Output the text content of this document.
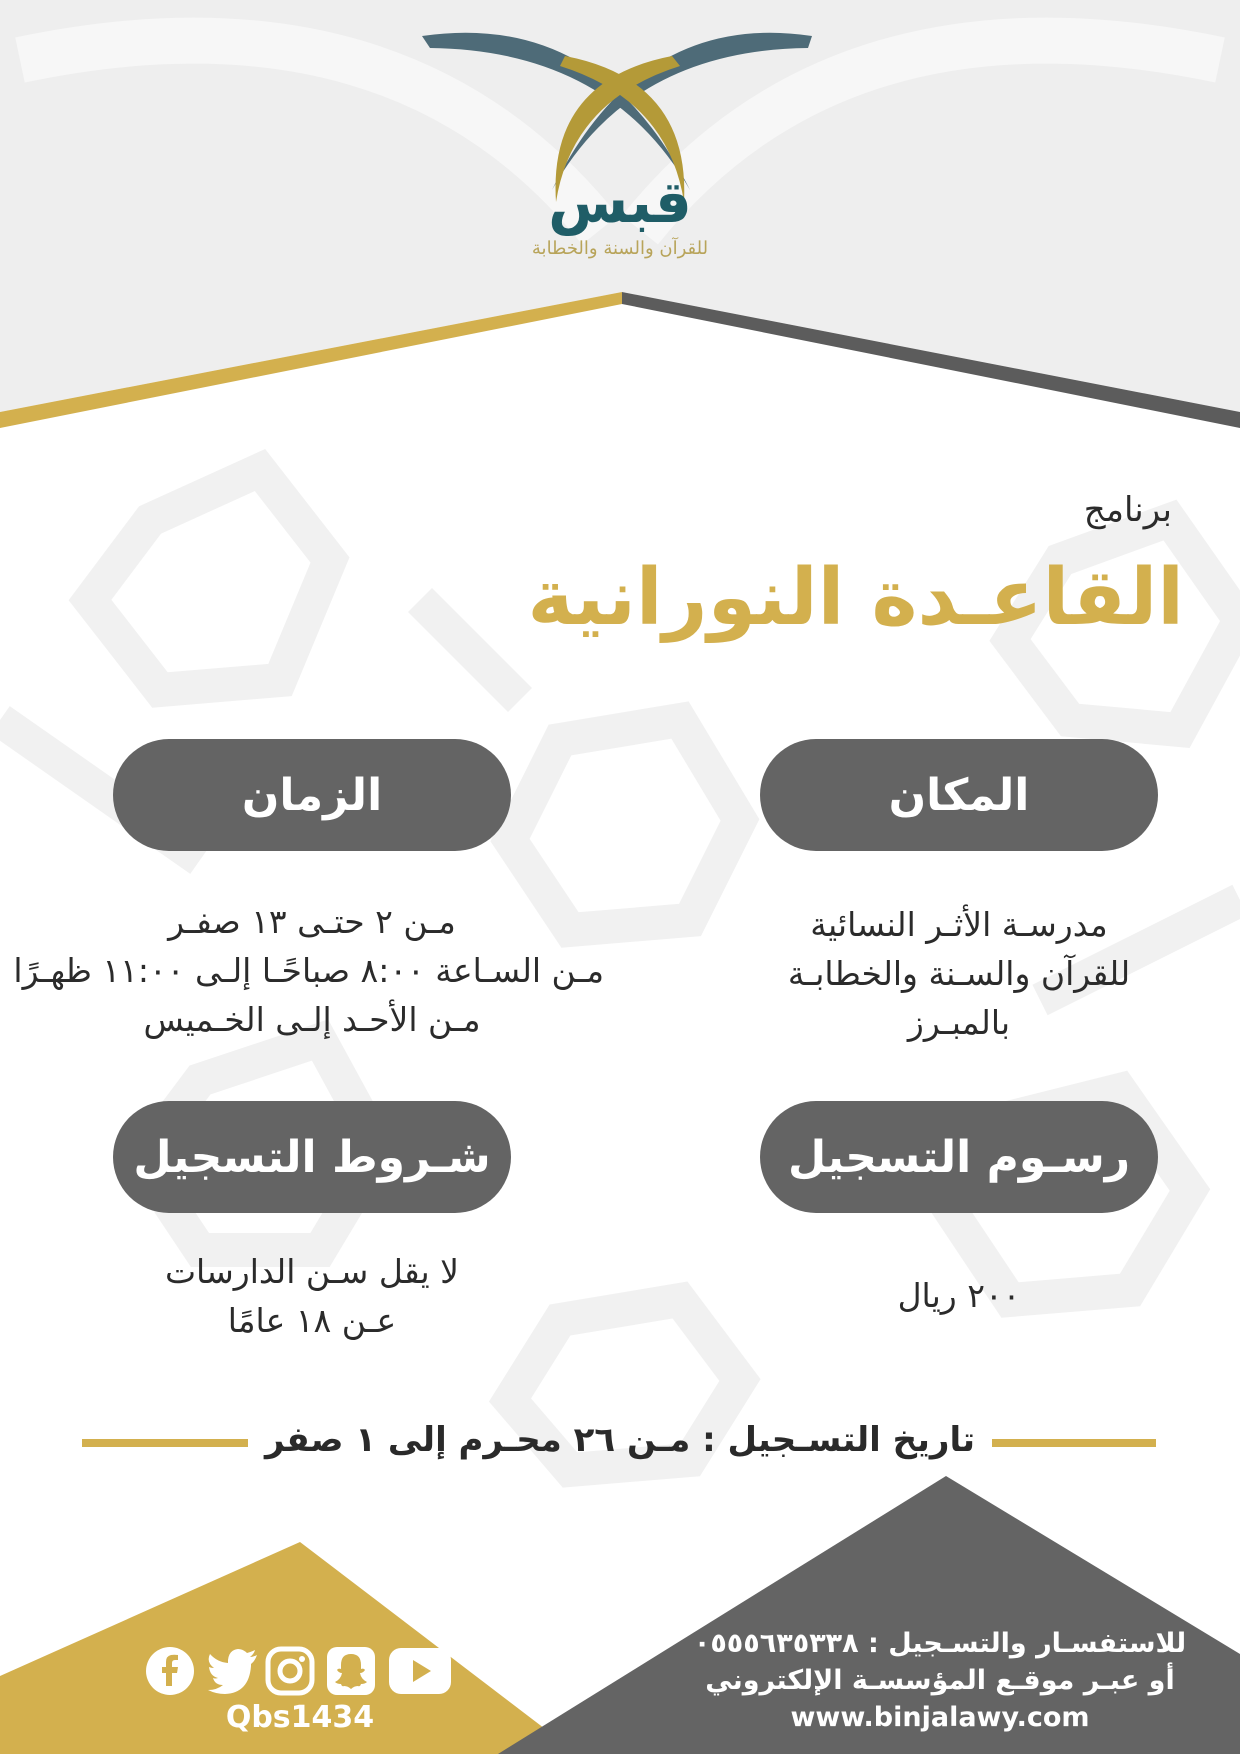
قبس
للقرآن والسنة والخطابة
برنامج
القاعـدة النورانية
المكان
مدرسـة الأثـر النسائية
للقرآن والسـنة والخطابـة
بالمبـرز
الزمان
مـن ٢ حتـى ١٣ صفـر
مـن السـاعة ٨:٠٠ صباحًـا إلـى ١١:٠٠ ظهـرًا
مـن الأحـد إلـى الخـميس
رسـوم التسجيل
٢٠٠ ريال
شـروط التسجيل
لا يقل سـن الدارسات
عـن ١٨ عامًا
تاريخ التسـجيل : مـن ٢٦ محـرم إلى ١ صفر
للاستفسـار والتسـجيل : ٠٥٥٥٦٣٥٣٣٨
أو عبـر موقـع المؤسسـة الإلكتروني
www.binjalawy.com
Qbs1434
